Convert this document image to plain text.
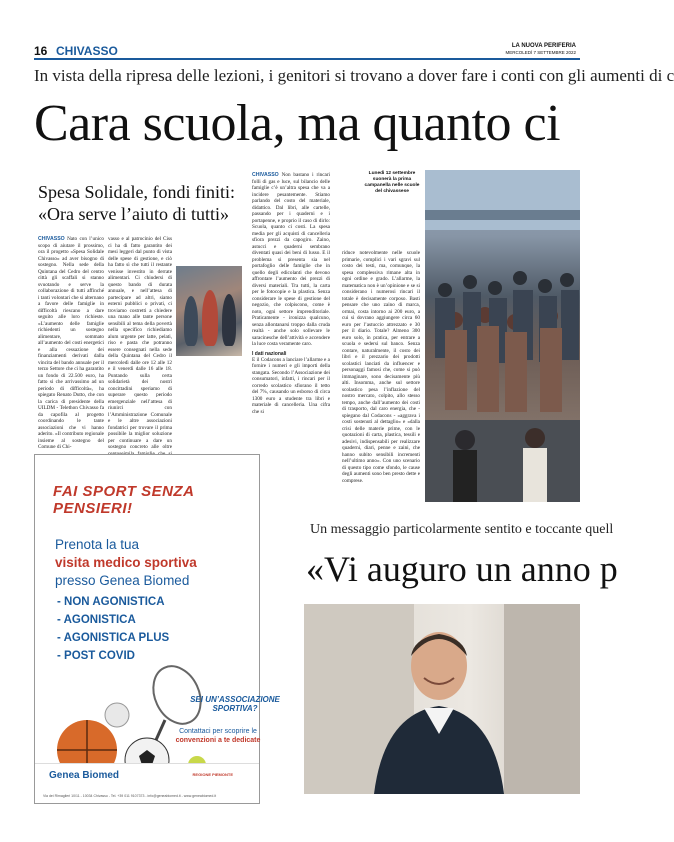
16 CHIVASSO	LA NUOVA PERIFERIA
MERCOLEDÌ 7 SETTEMBRE 2022
In vista della ripresa delle lezioni, i genitori si trovano a dover fare i conti con gli aumenti di c
Cara scuola, ma quanto ci
Spesa Solidale, fondi finiti:
«Ora serve l’aiuto di tutti»
CHIVASSO Nato con l’unico scopo di aiutare il prossimo, ora il progetto «Spesa Solidale Chivasso» ad aver bisogno di sostegno. Nella sede della Quintana del Cedro del centro città gli scaffali si stanno svuotando e serve la collaborazione di tutti affinché i tanti volontari che si alternano a favore delle famiglie in difficoltà riescano a dare seguito alle loro richieste. «L’aumento delle famiglie richiedenti un sostegno alimentare, sommato all’aumento del costi energetici e alla cessazione dei finanziamenti derivati dalla vincita del bando annuale per il terzo Settore che ci ha garantito un fondo di 22.500 euro, ha fatto si che arrivassimo ad un periodo di difficoltà», ha spiegato Renato Dutto, che con la carica di presidente della UILDM - Telethon Chivasso fa da capofila al progetto coordinando le tante associazioni che vi hanno aderito. «Il contributo regionale insieme al sostegno del Comune di Chi-
vasso e al patrocinio del Ciss ci ha di fatto garantito dei mesi leggeri dal punto di vista delle spese di gestione, e ciò ha fatto sì che tutti il restante venisse investito in derrate alimentari. Ci chiudersi di questo bando di durata annuale, e nell’attesa di partecipare ad altri, siamo esterni pubblici o privati, ci troviamo costretti a chiedere una mano alle tante persone sensibili al tema della povertà nella specifico richiediamo alum urgente per latte, pelati, riso e pasta che potranno essere consegnati nella sede della Quintana del Cedro il mercoledì dalle ore 12 alle 12 e il venerdì dalle 16 alle 18. Puntando sulla certa solidarietà dei nostri concittadini speriamo di superare questo periodo emergenziale nell’attesa di riunirci con l’Amministrazione Comunale e le altre associazioni fondatrici per trovare il prima possibile la miglior soluzione per continuare a dare un sostegno concreto alle oltre
CHIVASSO Non bastano i rincari folli di gas e luce, sul bilancio delle famiglie c’è un’altra spesa che va a incidere pesantemente. Stiamo parlando del costo del materiale, didattico. Dal libri, alle cartelle, passando per i quaderni e i portapenne, e proprio il caso di dirlo: Scuola, quanto ci costi. La spesa media per gli acquisti di cancelleria sfiora prezzi da capogiro. Zaino, astucci e quaderni sembrano diventati quasi dei beni di lusso. E il problema si presenta sia nel portafoglio delle famiglie che in quello degli edicolanti che devono affrontare l’aumento dei prezzi di diversi materiali. Tra tutti, la carta per le fotocopie e la plastica. Senza considerare le spese di gestione del negozio, che colpiscono, come è noto, ogni settore imprenditoriale. Praticamente - ironizza qualcuno, senza allontanarsi troppo dalla cruda realtà - anche solo sollevare le saracinesche dell’attività e accendere la luce costa veramente caro.
I dati nazionali
E il Codacons a lanciare l’allarme e a fornire i numeri e gli importi della stangata. Secondo l’Associazione dei consumatori, infatti, i rincari per il corredo scolastico sfiorano il tetto del 7%, causando un esborso di circa 1300 euro a studente tra libri e materiale di cancelleria. Una cifra che si
riduce notevolmente nelle scuole primarie, complici i vari sgravi sul costo dei testi, ma, comunque, la spesa complessiva rimane alta in ogni ordine e grado. L’allarme, la matematica non è un’opinione e se si considerano i numerosi rincari il totale è decisamente corposo. Basti pensare che uno zaino di marca, ormai, costa intorno ai 200 euro, a cui si dovrano aggiungere circa 60 euro per l’astuccio attrezzato e 30 per il diario. Totale? Almeno 300 euro solo, in pratica, per entrare a scuola e sedersi sul banco. Senza contare, naturalmente, il costo dei libri e il prezzario dei prodotti scolastici lanciati da influencer e personaggi famosi che, come si può immaginare, sono decisamente più alti. Insomma, anche sul settore scolastico pesa l’inflazione del nostro mercato, colpito, allo stesso tempo, anche dall’aumento dei costi di trasporto, dal caro energia, che - spiegano dal Codacons - «aggrava i costi sostenuti al dettaglio» e «dalla crisi delle materie prime, con le quotazioni di carta, plastica, tessili e adesivi, indispensabili per realizzare quaderni, diari, penne e zaini, che hanno subito sensibili incrementi nell’ultimo anno». Con uno scenario di questo tipo come sfondo, le cause degli aumenti sono ben presto dette e comprese.
Lunedì 12 settembre suonerà la prima campanella nelle scuole del chivassese
FAI SPORT SENZA PENSIERI!
Prenota la tua
visita medico sportiva
presso Genea Biomed
- NON AGONISTICA
- AGONISTICA
- AGONISTICA PLUS
- POST COVID
SEI UN’ASSOCIAZIONE SPORTIVA?
Contattaci per scoprire le
convenzioni a te dedicate
Genea Biomed	REGIONE PIEMONTE
Via dei Rimaglieri 10/11 - 10034 Chivasso - Tel. +39 011 9107373 - info@geneabiomed.it - www.geneabiomed.it
Un messaggio particolarmente sentito e toccante quell
«Vi auguro un anno p
